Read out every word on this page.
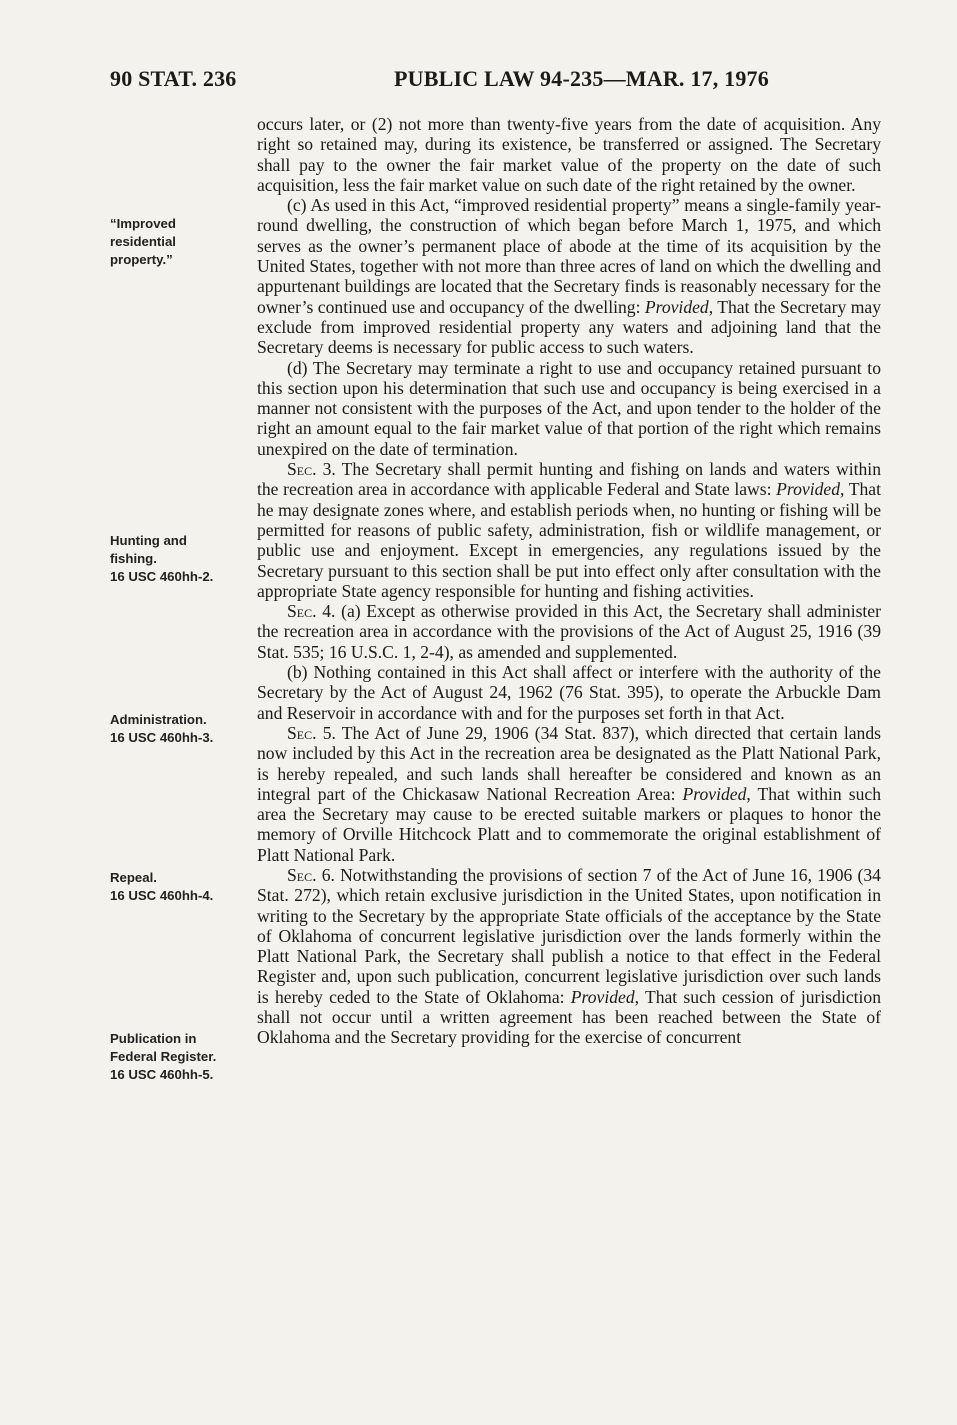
90 STAT. 236	PUBLIC LAW 94-235—MAR. 17, 1976
“Improved
residential
property.”
Hunting and
fishing.
16 USC 460hh-2.
Administration.
16 USC 460hh-3.
Repeal.
16 USC 460hh-4.
Publication in
Federal Register.
16 USC 460hh-5.

occurs later, or (2) not more than twenty-five years from the date of acquisition. Any right so retained may, during its existence, be transferred or assigned. The Secretary shall pay to the owner the fair market value of the property on the date of such acquisition, less the fair market value on such date of the right retained by the owner.

(c) As used in this Act, “improved residential property” means a single-family year-round dwelling, the construction of which began before March 1, 1975, and which serves as the owner’s permanent place of abode at the time of its acquisition by the United States, together with not more than three acres of land on which the dwelling and appurtenant buildings are located that the Secretary finds is reasonably necessary for the owner’s continued use and occupancy of the dwelling: Provided, That the Secretary may exclude from improved residential property any waters and adjoining land that the Secretary deems is necessary for public access to such waters.

(d) The Secretary may terminate a right to use and occupancy retained pursuant to this section upon his determination that such use and occupancy is being exercised in a manner not consistent with the purposes of the Act, and upon tender to the holder of the right an amount equal to the fair market value of that portion of the right which remains unexpired on the date of termination.

Sec. 3. The Secretary shall permit hunting and fishing on lands and waters within the recreation area in accordance with applicable Federal and State laws: Provided, That he may designate zones where, and establish periods when, no hunting or fishing will be permitted for reasons of public safety, administration, fish or wildlife management, or public use and enjoyment. Except in emergencies, any regulations issued by the Secretary pursuant to this section shall be put into effect only after consultation with the appropriate State agency responsible for hunting and fishing activities.

Sec. 4. (a) Except as otherwise provided in this Act, the Secretary shall administer the recreation area in accordance with the provisions of the Act of August 25, 1916 (39 Stat. 535; 16 U.S.C. 1, 2-4), as amended and supplemented.

(b) Nothing contained in this Act shall affect or interfere with the authority of the Secretary by the Act of August 24, 1962 (76 Stat. 395), to operate the Arbuckle Dam and Reservoir in accordance with and for the purposes set forth in that Act.

Sec. 5. The Act of June 29, 1906 (34 Stat. 837), which directed that certain lands now included by this Act in the recreation area be designated as the Platt National Park, is hereby repealed, and such lands shall hereafter be considered and known as an integral part of the Chickasaw National Recreation Area: Provided, That within such area the Secretary may cause to be erected suitable markers or plaques to honor the memory of Orville Hitchcock Platt and to commemorate the original establishment of Platt National Park.

Sec. 6. Notwithstanding the provisions of section 7 of the Act of June 16, 1906 (34 Stat. 272), which retain exclusive jurisdiction in the United States, upon notification in writing to the Secretary by the appropriate State officials of the acceptance by the State of Oklahoma of concurrent legislative jurisdiction over the lands formerly within the Platt National Park, the Secretary shall publish a notice to that effect in the Federal Register and, upon such publication, concurrent legislative jurisdiction over such lands is hereby ceded to the State of Oklahoma: Provided, That such cession of jurisdiction shall not occur until a written agreement has been reached between the State of Oklahoma and the Secretary providing for the exercise of concurrent
